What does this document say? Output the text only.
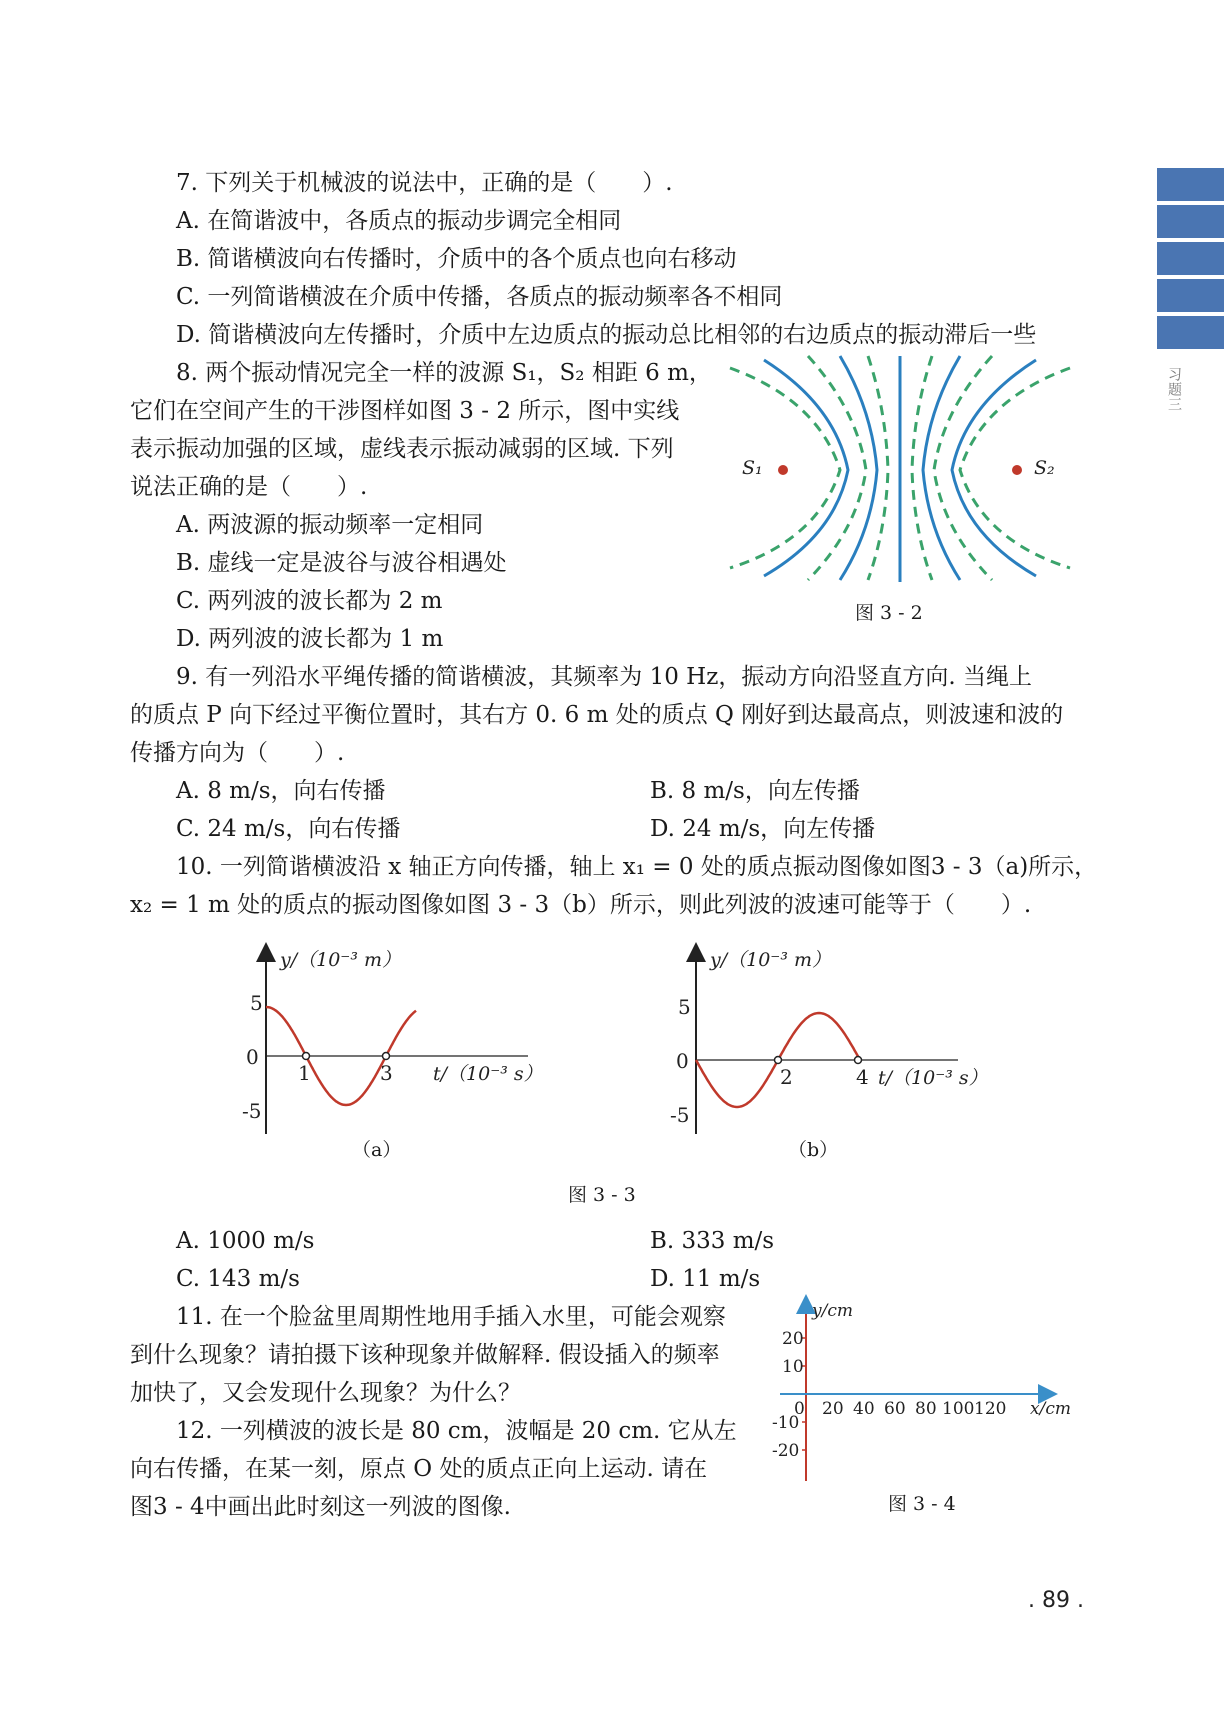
习题三
7. 下列关于机械波的说法中，正确的是（　　）.
A. 在简谐波中，各质点的振动步调完全相同
B. 简谐横波向右传播时，介质中的各个质点也向右移动
C. 一列简谐横波在介质中传播，各质点的振动频率各不相同
D. 简谐横波向左传播时，介质中左边质点的振动总比相邻的右边质点的振动滞后一些
8. 两个振动情况完全一样的波源 S₁，S₂ 相距 6 m，
它们在空间产生的干涉图样如图 3 - 2 所示，图中实线
表示振动加强的区域，虚线表示振动减弱的区域. 下列
说法正确的是（　　）.
A. 两波源的振动频率一定相同
B. 虚线一定是波谷与波谷相遇处
C. 两列波的波长都为 2 m
D. 两列波的波长都为 1 m
S₁	S₂
图 3 - 2
9. 有一列沿水平绳传播的简谐横波，其频率为 10 Hz，振动方向沿竖直方向. 当绳上
的质点 P 向下经过平衡位置时，其右方 0. 6 m 处的质点 Q 刚好到达最高点，则波速和波的
传播方向为（　　）.
A. 8 m/s，向右传播	B. 8 m/s，向左传播
C. 24 m/s，向右传播	D. 24 m/s，向左传播
10. 一列简谐横波沿 x 轴正方向传播，轴上 x₁ = 0 处的质点振动图像如图3 - 3（a)所示，
x₂ = 1 m 处的质点的振动图像如图 3 - 3（b）所示，则此列波的波速可能等于（　　）.
y/（10⁻³ m）
t/（10⁻³ s）
5
0
-5
1	3
（a）
y/（10⁻³ m）
t/（10⁻³ s）
5
0
-5
2	4
（b）
图 3 - 3
A. 1000 m/s	B. 333 m/s
C. 143 m/s	D. 11 m/s
11. 在一个脸盆里周期性地用手插入水里，可能会观察
到什么现象？请拍摄下该种现象并做解释. 假设插入的频率
加快了，又会发现什么现象？为什么？
12. 一列横波的波长是 80 cm，波幅是 20 cm. 它从左
向右传播，在某一刻，原点 O 处的质点正向上运动. 请在
图3 - 4中画出此时刻这一列波的图像.
y/cm
x/cm
20
10
-10
-20
0 20 40 60 80 100 120
图 3 - 4
. 89 .
